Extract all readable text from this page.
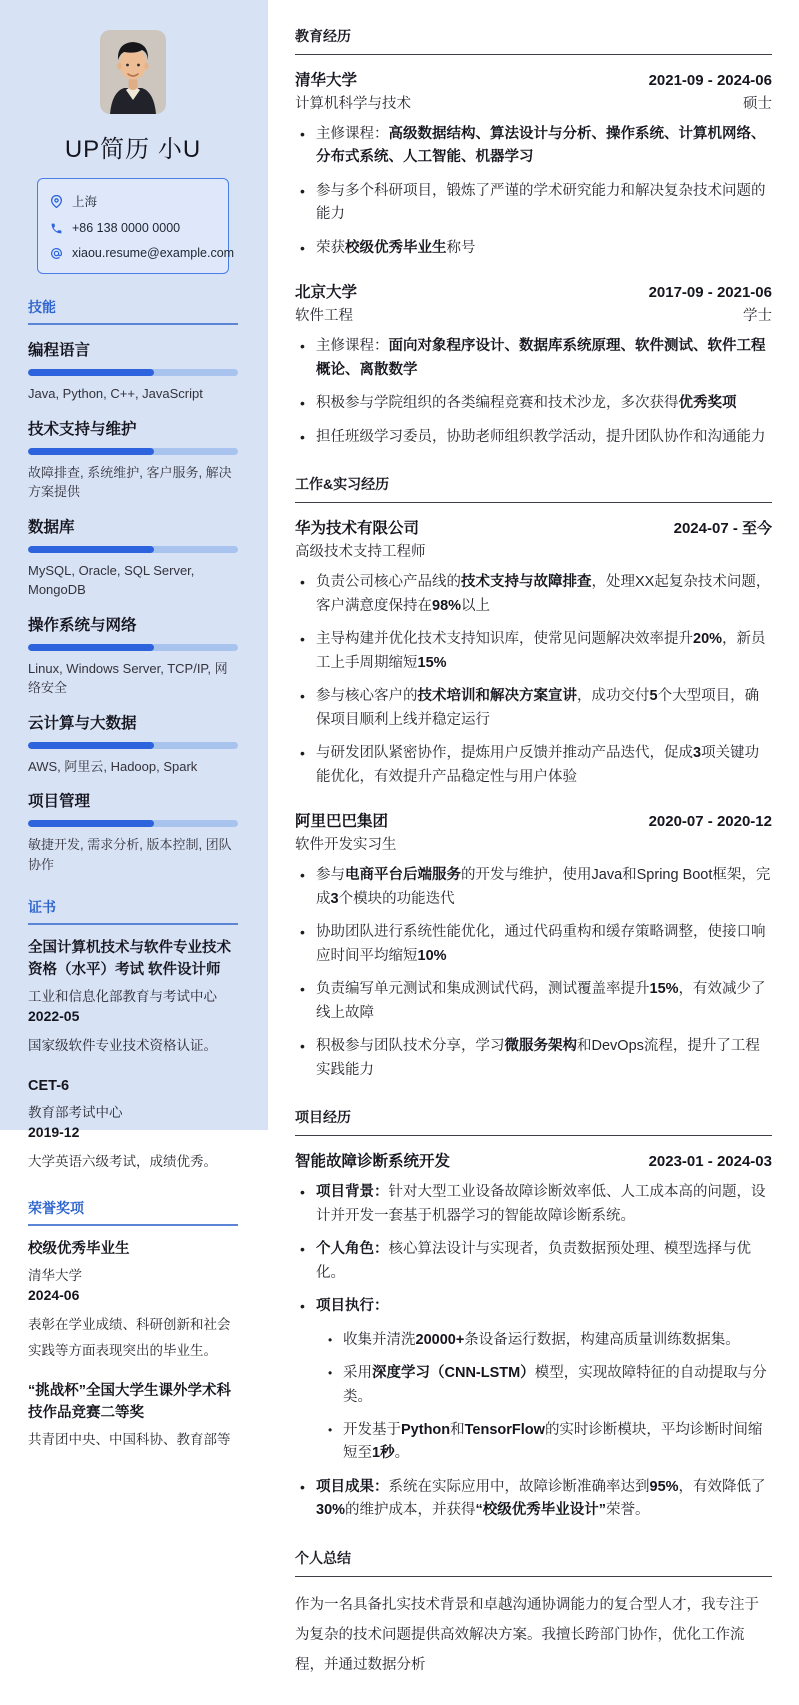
UP简历 小U
上海
+86 138 0000 0000
xiaou.resume@example.com
技能
编程语言
Java, Python, C++, JavaScript
技术支持与维护
故障排查, 系统维护, 客户服务, 解决方案提供
数据库
MySQL, Oracle, SQL Server, MongoDB
操作系统与网络
Linux, Windows Server, TCP/IP, 网络安全
云计算与大数据
AWS, 阿里云, Hadoop, Spark
项目管理
敏捷开发, 需求分析, 版本控制, 团队协作
证书
全国计算机技术与软件专业技术资格（水平）考试 软件设计师
工业和信息化部教育与考试中心
2022-05
国家级软件专业技术资格认证。
CET-6
教育部考试中心
2019-12
大学英语六级考试，成绩优秀。
荣誉奖项
校级优秀毕业生
清华大学
2024-06
表彰在学业成绩、科研创新和社会实践等方面表现突出的毕业生。
“挑战杯”全国大学生课外学术科技作品竞赛二等奖
共青团中央、中国科协、教育部等
教育经历
清华大学	2021-09 - 2024-06
计算机科学与技术	硕士
• 主修课程：高级数据结构、算法设计与分析、操作系统、计算机网络、分布式系统、人工智能、机器学习
• 参与多个科研项目，锻炼了严谨的学术研究能力和解决复杂技术问题的能力
• 荣获校级优秀毕业生称号
北京大学	2017-09 - 2021-06
软件工程	学士
• 主修课程：面向对象程序设计、数据库系统原理、软件测试、软件工程概论、离散数学
• 积极参与学院组织的各类编程竞赛和技术沙龙，多次获得优秀奖项
• 担任班级学习委员，协助老师组织教学活动，提升团队协作和沟通能力
工作&实习经历
华为技术有限公司	2024-07 - 至今
高级技术支持工程师
• 负责公司核心产品线的技术支持与故障排查，处理XX起复杂技术问题，客户满意度保持在98%以上
• 主导构建并优化技术支持知识库，使常见问题解决效率提升20%，新员工上手周期缩短15%
• 参与核心客户的技术培训和解决方案宣讲，成功交付5个大型项目，确保项目顺利上线并稳定运行
• 与研发团队紧密协作，提炼用户反馈并推动产品迭代，促成3项关键功能优化，有效提升产品稳定性与用户体验
阿里巴巴集团	2020-07 - 2020-12
软件开发实习生
• 参与电商平台后端服务的开发与维护，使用Java和Spring Boot框架，完成3个模块的功能迭代
• 协助团队进行系统性能优化，通过代码重构和缓存策略调整，使接口响应时间平均缩短10%
• 负责编写单元测试和集成测试代码，测试覆盖率提升15%，有效减少了线上故障
• 积极参与团队技术分享，学习微服务架构和DevOps流程，提升了工程实践能力
项目经历
智能故障诊断系统开发	2023-01 - 2024-03
• 项目背景：针对大型工业设备故障诊断效率低、人工成本高的问题，设计并开发一套基于机器学习的智能故障诊断系统。
• 个人角色：核心算法设计与实现者，负责数据预处理、模型选择与优化。
• 项目执行：
• 收集并清洗20000+条设备运行数据，构建高质量训练数据集。
• 采用深度学习（CNN-LSTM）模型，实现故障特征的自动提取与分类。
• 开发基于Python和TensorFlow的实时诊断模块，平均诊断时间缩短至1秒。
• 项目成果：系统在实际应用中，故障诊断准确率达到95%，有效降低了30%的维护成本，并获得“校级优秀毕业设计”荣誉。
个人总结

作为一名具备扎实技术背景和卓越沟通协调能力的复合型人才，我专注于为复杂的技术问题提供高效解决方案。我擅长跨部门协作，优化工作流程，并通过数据分析
